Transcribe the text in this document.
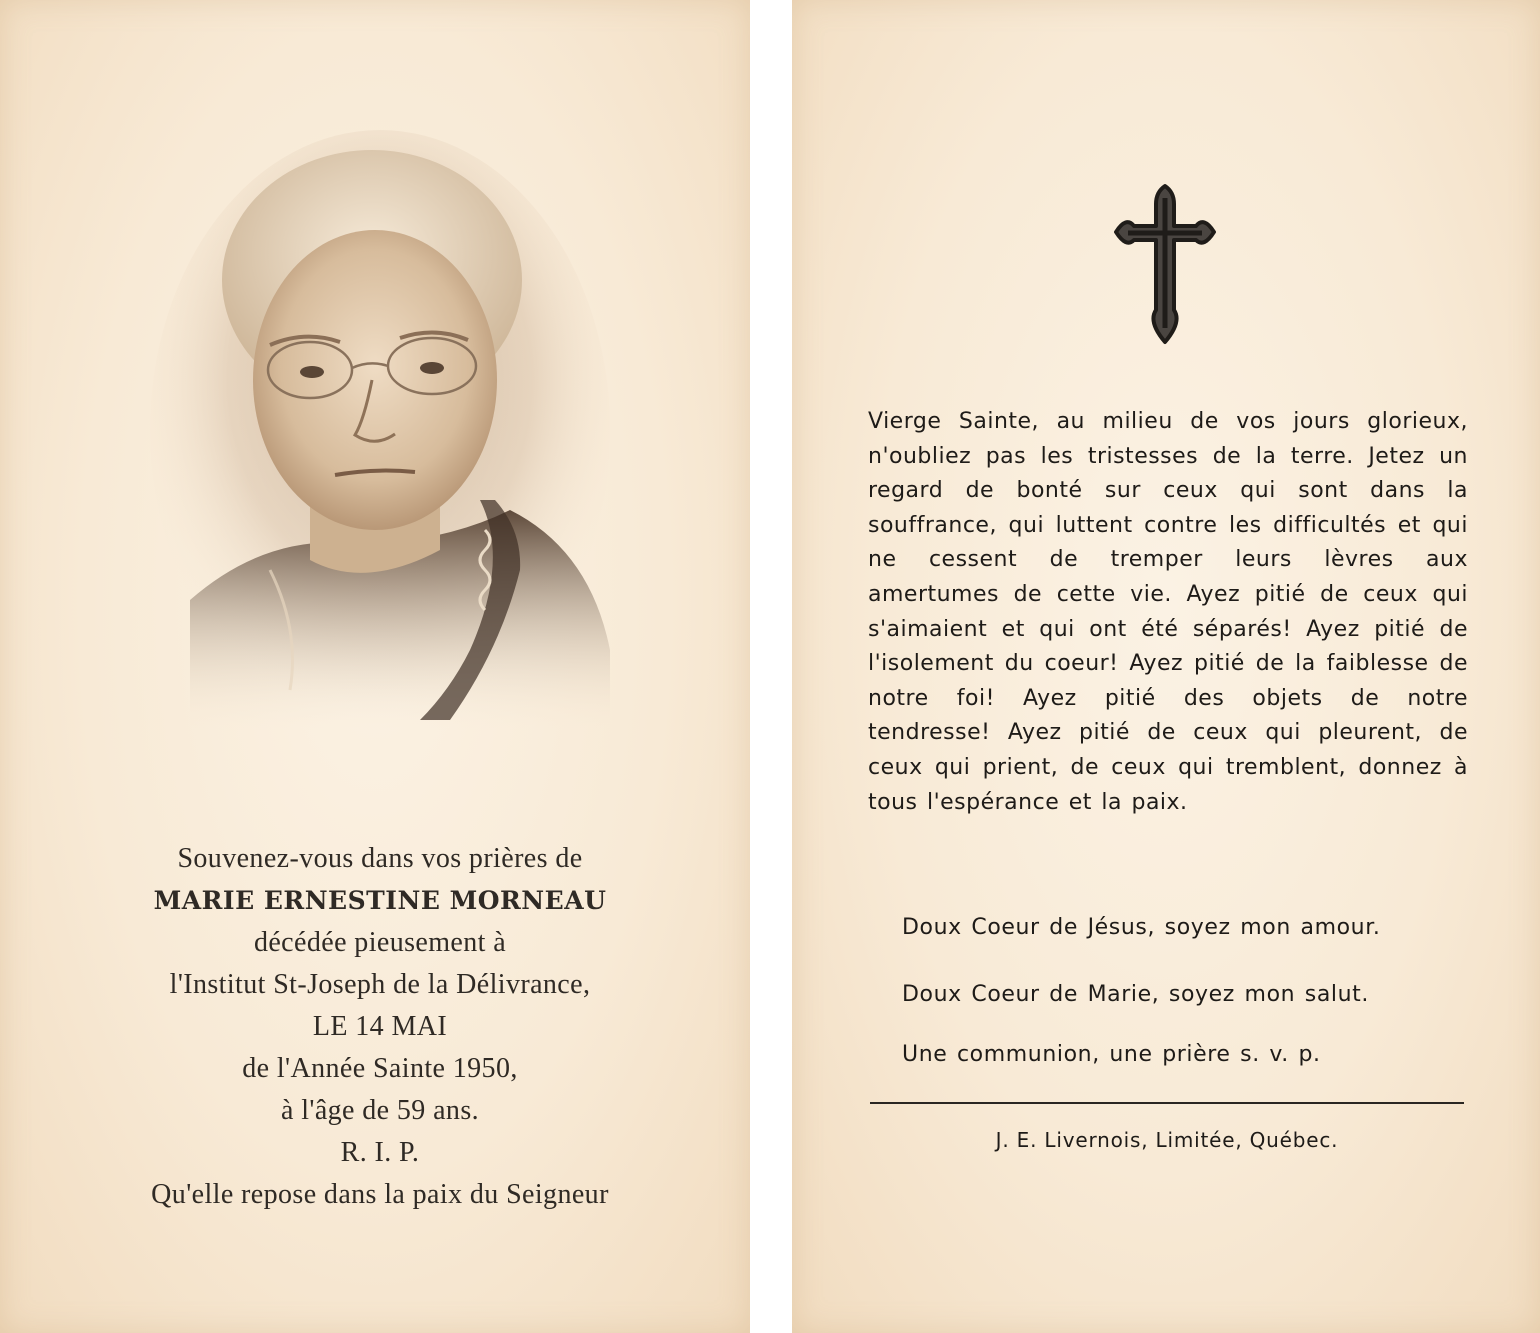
Souvenez-vous dans vos prières de
MARIE ERNESTINE MORNEAU
décédée pieusement à
l'Institut St-Joseph de la Délivrance,
LE 14 MAI
de l'Année Sainte 1950,
à l'âge de 59 ans.
R. I. P.
Qu'elle repose dans la paix du Seigneur

Vierge Sainte, au milieu de vos jours glorieux, n'oubliez pas les tristesses de la terre. Jetez un regard de bonté sur ceux qui sont dans la souffrance, qui luttent contre les difficultés et qui ne cessent de tremper leurs lèvres aux amertumes de cette vie. Ayez pitié de ceux qui s'aimaient et qui ont été séparés! Ayez pitié de l'isolement du coeur! Ayez pitié de la faiblesse de notre foi! Ayez pitié des objets de notre tendresse! Ayez pitié de ceux qui pleurent, de ceux qui prient, de ceux qui tremblent, donnez à tous l'espérance et la paix.

Doux Coeur de Jésus, soyez mon amour.
Doux Coeur de Marie, soyez mon salut.
Une communion, une prière s. v. p.
J. E. Livernois, Limitée, Québec.
